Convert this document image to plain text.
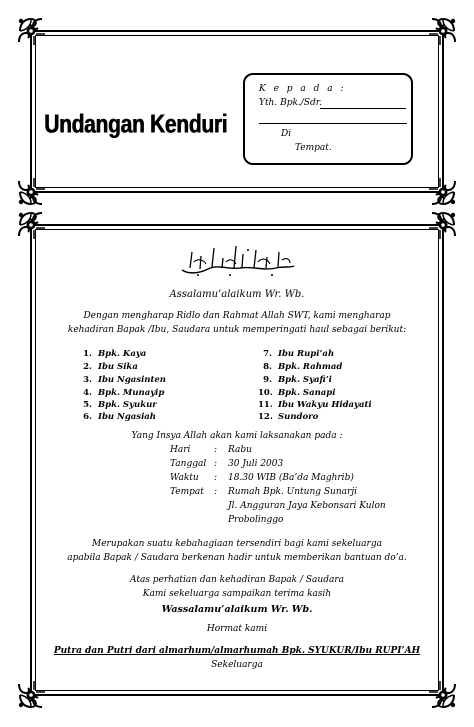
Undangan Kenduri
K e p a d a :
Yth. Bpk./Sdr.
Di
Tempat.
Assalamu’alaikum Wr. Wb.
Dengan mengharap Ridlo dan Rahmat Allah SWT, kami mengharap
kehadiran Bapak /Ibu, Saudara untuk memperingati haul sebagai berikut:
1. Bpk. Kaya
2. Ibu Sika
3. Ibu Ngasinten
4. Bpk. Munayip
5. Bpk. Syukur
6. Ibu Ngasiah
7. Ibu Rupi’ah
8. Bpk. Rahmad
9. Bpk. Syafi’i
10. Bpk. Sanapi
11. Ibu Wakyu Hidayati
12. Sundoro
Yang Insya Allah akan kami laksanakan pada :
Hari	: Rabu
Tanggal : 30 Juli 2003
Waktu : 18.30 WIB (Ba’da Maghrib)
Tempat : Rumah Bpk. Untung Sunarji
Jl. Angguran Jaya Kebonsari Kulon
Probolinggo
Merupakan suatu kebahagiaan tersendiri bagi kami sekeluarga
apabila Bapak / Saudara berkenan hadir untuk memberikan bantuan do’a.
Atas perhatian dan kehadiran Bapak / Saudara
Kami sekeluarga sampaikan terima kasih
Wassalamu’alaikum Wr. Wb.
Hormat kami
Putra dan Putri dari almarhum/almarhumah Bpk. SYUKUR/Ibu RUPI’AH
Sekeluarga
